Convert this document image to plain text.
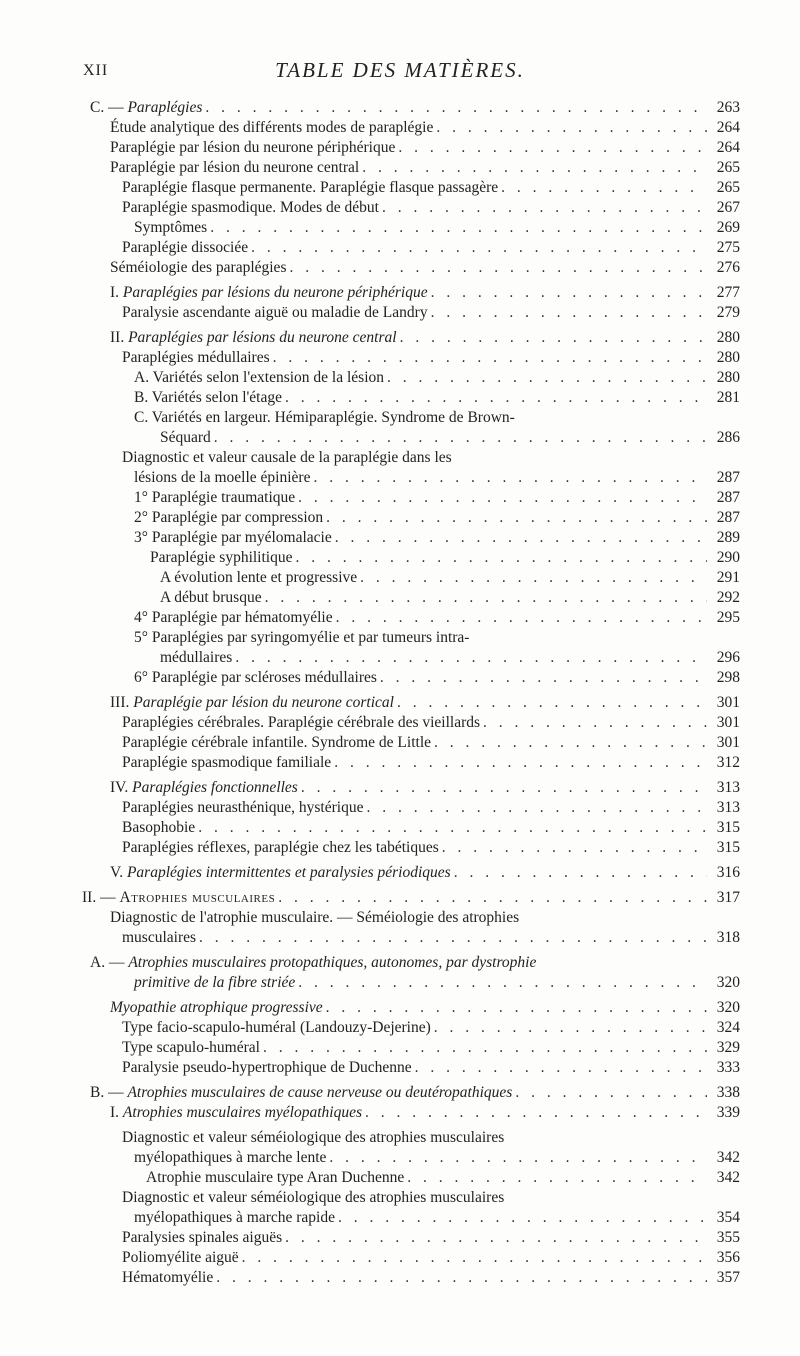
XII	TABLE DES MATIÈRES.
C. — Paraplégies . . .	263
Étude analytique des différents modes de paraplégie . . .	264
Paraplégie par lésion du neurone périphérique . . .	264
Paraplégie par lésion du neurone central . . .	265
Paraplégie flasque permanente. Paraplégie flasque passagère . . .	265
Paraplégie spasmodique. Modes de début . . .	267
Symptômes . . .	269
Paraplégie dissociée . . .	275
Séméiologie des paraplégies . . .	276
I. Paraplégies par lésions du neurone périphérique . . .	277
Paralysie ascendante aiguë ou maladie de Landry . . .	279
II. Paraplégies par lésions du neurone central . . .	280
Paraplégies médullaires . . .	280
A. Variétés selon l'extension de la lésion . . .	280
B. Variétés selon l'étage . . .	281
C. Variétés en largeur. Hémiparaplégie. Syndrome de Brown-
Séquard . . .	286
Diagnostic et valeur causale de la paraplégie dans les
lésions de la moelle épinière . . .	287
1° Paraplégie traumatique . . .	287
2° Paraplégie par compression . . .	287
3° Paraplégie par myélomalacie . . .	289
Paraplégie syphilitique . . .	290
A évolution lente et progressive . . .	291
A début brusque . . .	292
4° Paraplégie par hématomyélie . . .	295
5° Paraplégies par syringomyélie et par tumeurs intra-
médullaires . . .	296
6° Paraplégie par scléroses médullaires . . .	298
III. Paraplégie par lésion du neurone cortical . . .	301
Paraplégies cérébrales. Paraplégie cérébrale des vieillards . . .	301
Paraplégie cérébrale infantile. Syndrome de Little . . .	301
Paraplégie spasmodique familiale . . .	312
IV. Paraplégies fonctionnelles . . .	313
Paraplégies neurasthénique, hystérique . . .	313
Basophobie . . .	315
Paraplégies réflexes, paraplégie chez les tabétiques . . .	315
V. Paraplégies intermittentes et paralysies périodiques . . .	316
II. — Atrophies musculaires . . .	317
Diagnostic de l'atrophie musculaire. — Séméiologie des atrophies
musculaires . . .	318
A. — Atrophies musculaires protopathiques, autonomes, par dystrophie
primitive de la fibre striée . . .	320
Myopathie atrophique progressive . . .	320
Type facio-scapulo-huméral (Landouzy-Dejerine) . . .	324
Type scapulo-huméral . . .	329
Paralysie pseudo-hypertrophique de Duchenne . . .	333
B. — Atrophies musculaires de cause nerveuse ou deutéropathiques . . .	338
I. Atrophies musculaires myélopathiques . . .	339
Diagnostic et valeur séméiologique des atrophies musculaires
myélopathiques à marche lente . . .	342
Atrophie musculaire type Aran Duchenne . . .	342
Diagnostic et valeur séméiologique des atrophies musculaires
myélopathiques à marche rapide . . .	354
Paralysies spinales aiguës . . .	355
Poliomyélite aiguë . . .	356
Hématomyélie . . .	357
